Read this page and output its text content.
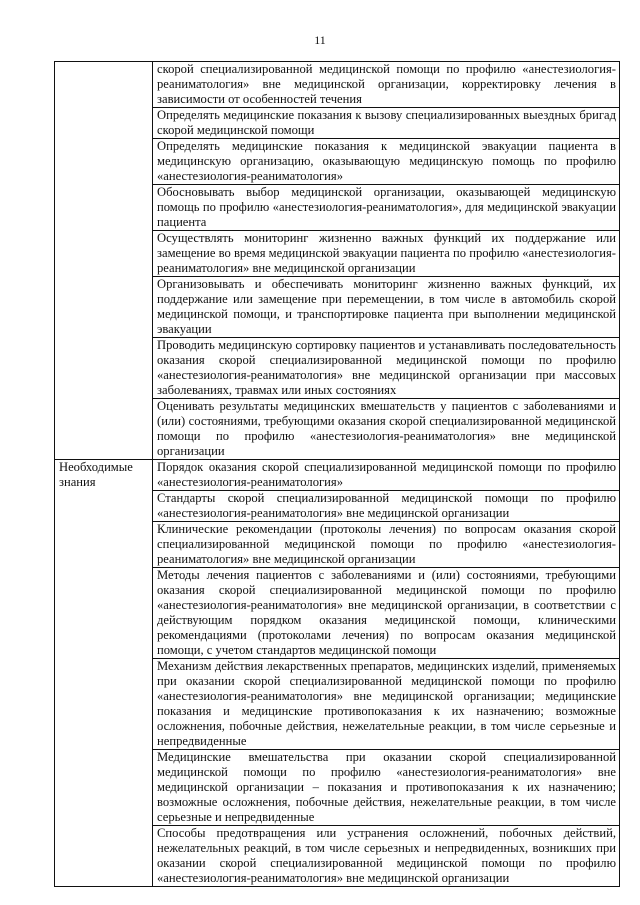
11
	скорой специализированной медицинской помощи по профилю «анестезиология-реаниматология» вне медицинской организации, корректировку лечения в зависимости от особенностей течения
	Определять медицинские показания к вызову специализированных выездных бригад скорой медицинской помощи
	Определять медицинские показания к медицинской эвакуации пациента в медицинскую организацию, оказывающую медицинскую помощь по профилю «анестезиология-реаниматология»
	Обосновывать выбор медицинской организации, оказывающей медицинскую помощь по профилю «анестезиология-реаниматология», для медицинской эвакуации пациента
	Осуществлять мониторинг жизненно важных функций их поддержание или замещение во время медицинской эвакуации пациента по профилю «анестезиология-реаниматология» вне медицинской организации
	Организовывать и обеспечивать мониторинг жизненно важных функций, их поддержание или замещение при перемещении, в том числе в автомобиль скорой медицинской помощи, и транспортировке пациента при выполнении медицинской эвакуации
	Проводить медицинскую сортировку пациентов и устанавливать последовательность оказания скорой специализированной медицинской помощи по профилю «анестезиология-реаниматология» вне медицинской организации при массовых заболеваниях, травмах или иных состояниях
	Оценивать результаты медицинских вмешательств у пациентов с заболеваниями и (или) состояниями, требующими оказания скорой специализированной медицинской помощи по профилю «анестезиология-реаниматология» вне медицинской организации
Необходимые знания	Порядок оказания скорой специализированной медицинской помощи по профилю «анестезиология-реаниматология»
	Стандарты скорой специализированной медицинской помощи по профилю «анестезиология-реаниматология» вне медицинской организации
	Клинические рекомендации (протоколы лечения) по вопросам оказания скорой специализированной медицинской помощи по профилю «анестезиология-реаниматология» вне медицинской организации
	Методы лечения пациентов с заболеваниями и (или) состояниями, требующими оказания скорой специализированной медицинской помощи по профилю «анестезиология-реаниматология» вне медицинской организации, в соответствии с действующим порядком оказания медицинской помощи, клиническими рекомендациями (протоколами лечения) по вопросам оказания медицинской помощи, с учетом стандартов медицинской помощи
	Механизм действия лекарственных препаратов, медицинских изделий, применяемых при оказании скорой специализированной медицинской помощи по профилю «анестезиология-реаниматология» вне медицинской организации; медицинские показания и медицинские противопоказания к их назначению; возможные осложнения, побочные действия, нежелательные реакции, в том числе серьезные и непредвиденные
	Медицинские вмешательства при оказании скорой специализированной медицинской помощи по профилю «анестезиология-реаниматология» вне медицинской организации – показания и противопоказания к их назначению; возможные осложнения, побочные действия, нежелательные реакции, в том числе серьезные и непредвиденные
	Способы предотвращения или устранения осложнений, побочных действий, нежелательных реакций, в том числе серьезных и непредвиденных, возникших при оказании скорой специализированной медицинской помощи по профилю «анестезиология-реаниматология» вне медицинской организации
